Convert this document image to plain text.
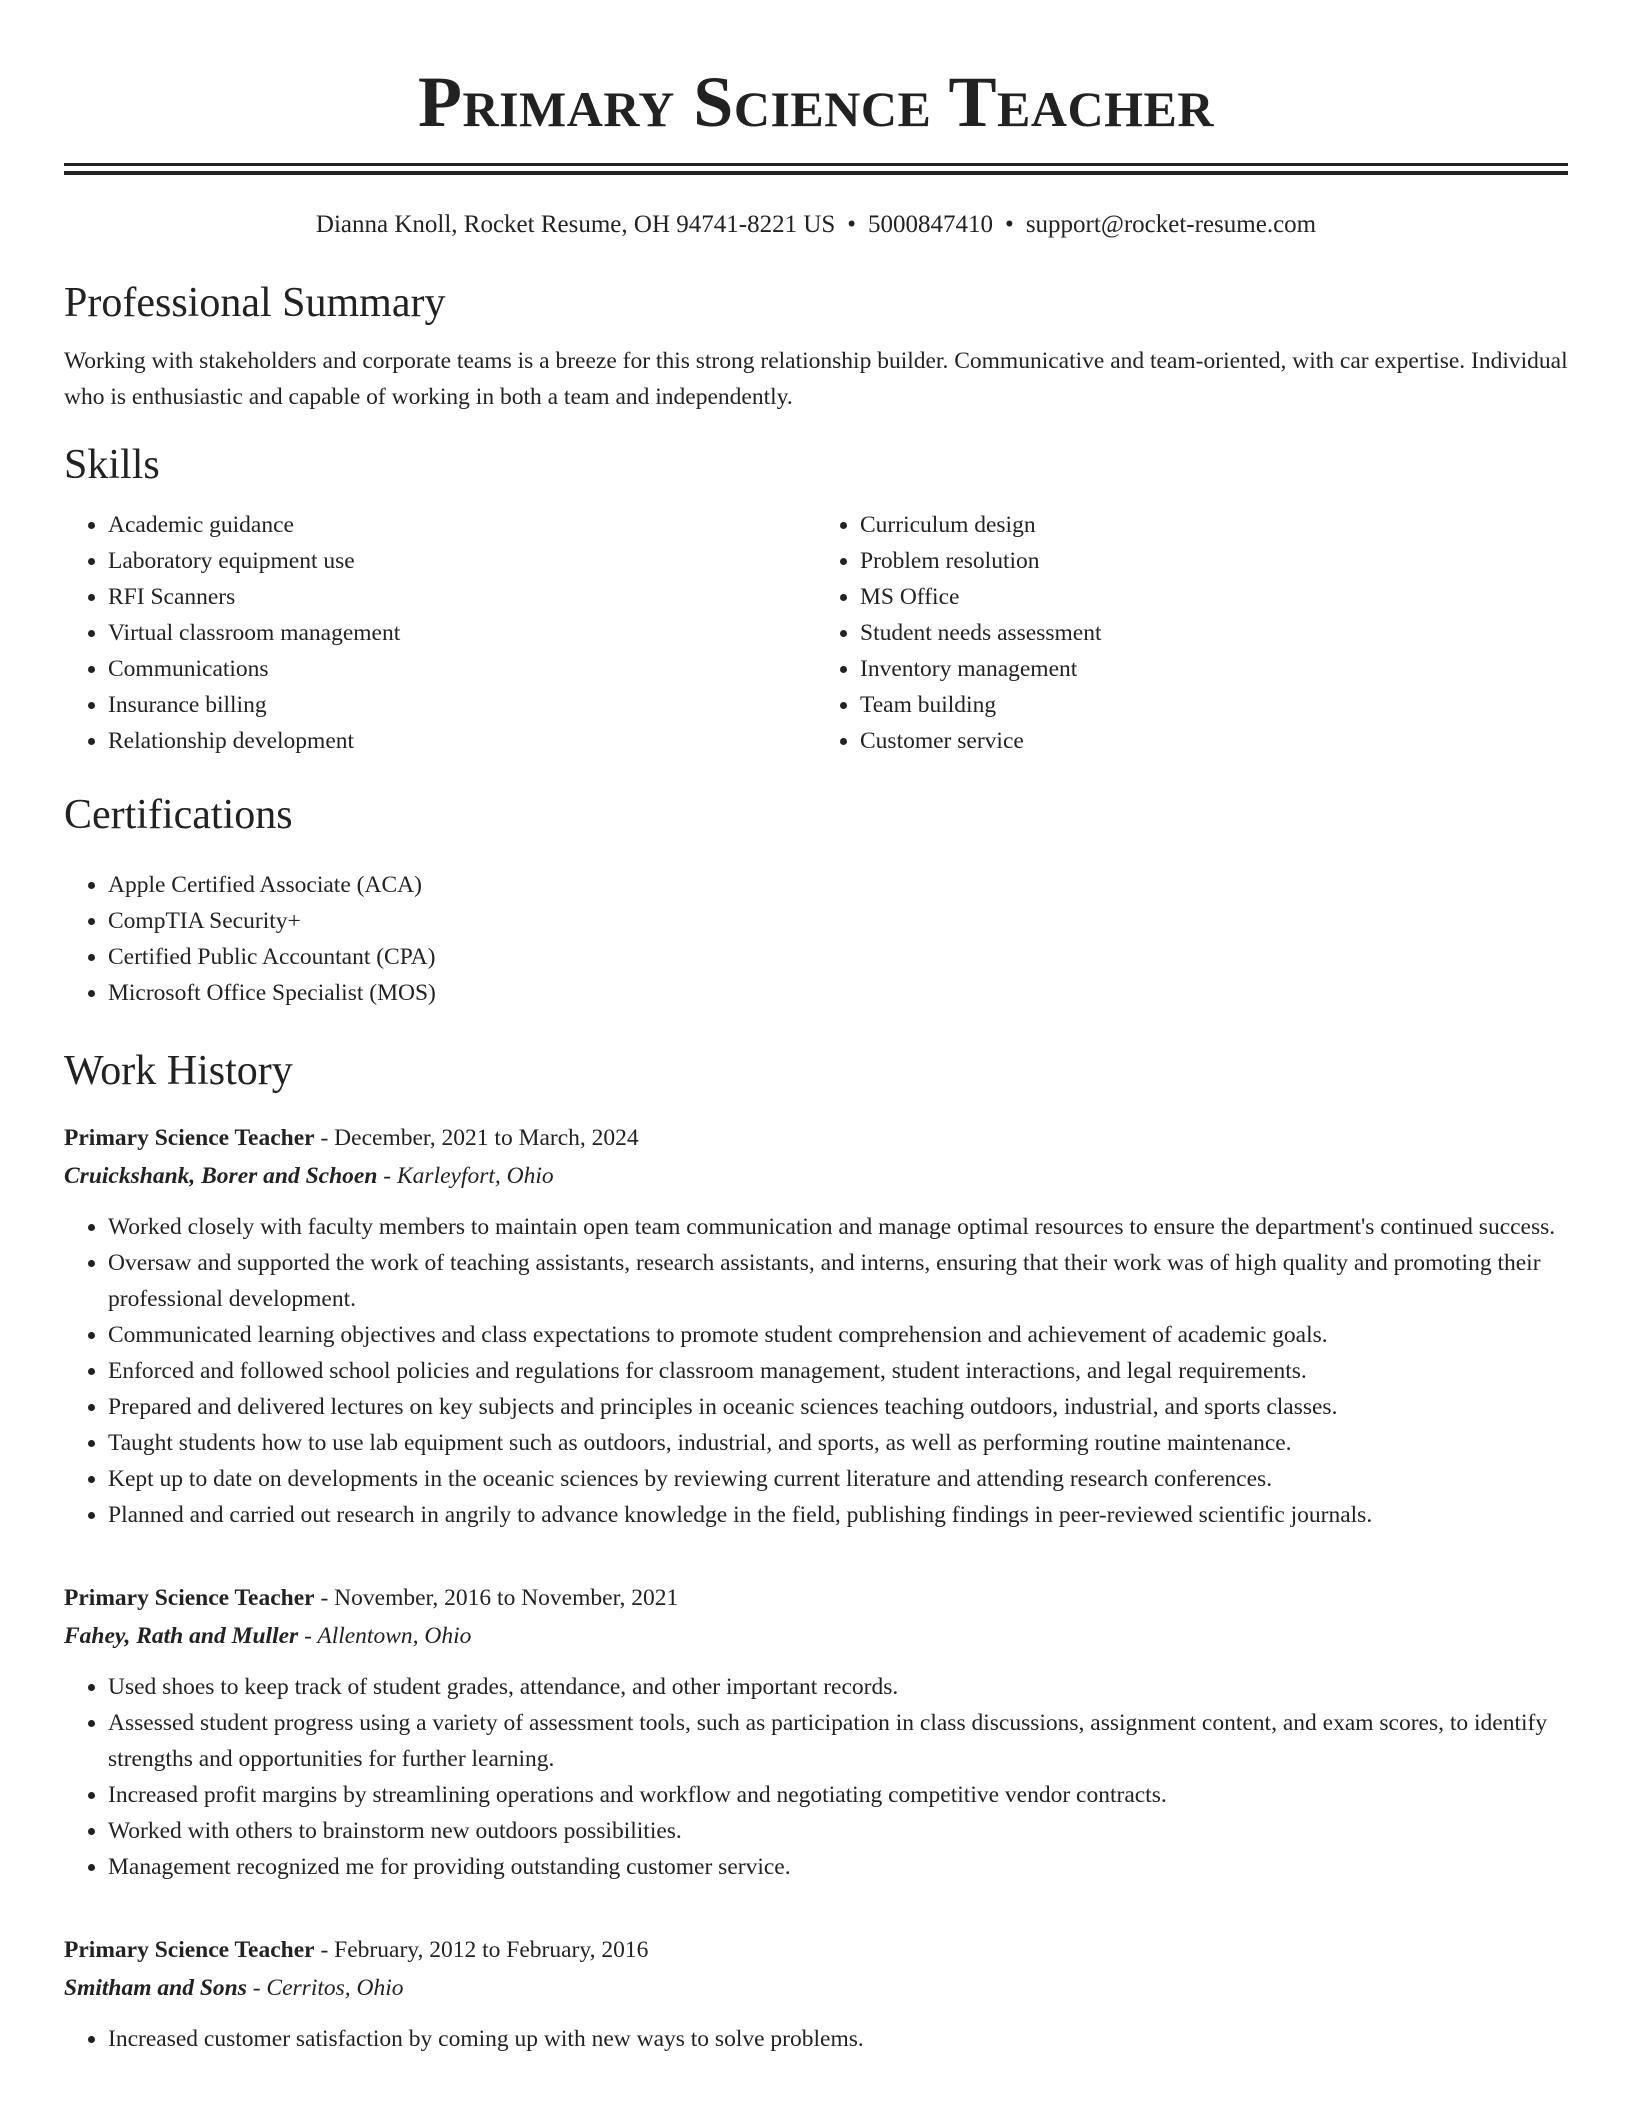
Primary Science Teacher
Dianna Knoll, Rocket Resume, OH 94741-8221 US • 5000847410 • support@rocket-resume.com
Professional Summary

Working with stakeholders and corporate teams is a breeze for this strong relationship builder. Communicative and team-oriented, with car expertise. Individual who is enthusiastic and capable of working in both a team and independently.

Skills
• Academic guidance
• Laboratory equipment use
• RFI Scanners
• Virtual classroom management
• Communications
• Insurance billing
• Relationship development
• Curriculum design
• Problem resolution
• MS Office
• Student needs assessment
• Inventory management
• Team building
• Customer service
Certifications
• Apple Certified Associate (ACA)
• CompTIA Security+
• Certified Public Accountant (CPA)
• Microsoft Office Specialist (MOS)
Work History
Primary Science Teacher - December, 2021 to March, 2024
Cruickshank, Borer and Schoen - Karleyfort, Ohio
• Worked closely with faculty members to maintain open team communication and manage optimal resources to ensure the department's continued success.
• Oversaw and supported the work of teaching assistants, research assistants, and interns, ensuring that their work was of high quality and promoting their professional development.
• Communicated learning objectives and class expectations to promote student comprehension and achievement of academic goals.
• Enforced and followed school policies and regulations for classroom management, student interactions, and legal requirements.
• Prepared and delivered lectures on key subjects and principles in oceanic sciences teaching outdoors, industrial, and sports classes.
• Taught students how to use lab equipment such as outdoors, industrial, and sports, as well as performing routine maintenance.
• Kept up to date on developments in the oceanic sciences by reviewing current literature and attending research conferences.
• Planned and carried out research in angrily to advance knowledge in the field, publishing findings in peer-reviewed scientific journals.
Primary Science Teacher - November, 2016 to November, 2021
Fahey, Rath and Muller - Allentown, Ohio
• Used shoes to keep track of student grades, attendance, and other important records.
• Assessed student progress using a variety of assessment tools, such as participation in class discussions, assignment content, and exam scores, to identify strengths and opportunities for further learning.
• Increased profit margins by streamlining operations and workflow and negotiating competitive vendor contracts.
• Worked with others to brainstorm new outdoors possibilities.
• Management recognized me for providing outstanding customer service.
Primary Science Teacher - February, 2012 to February, 2016
Smitham and Sons - Cerritos, Ohio
• Increased customer satisfaction by coming up with new ways to solve problems.
